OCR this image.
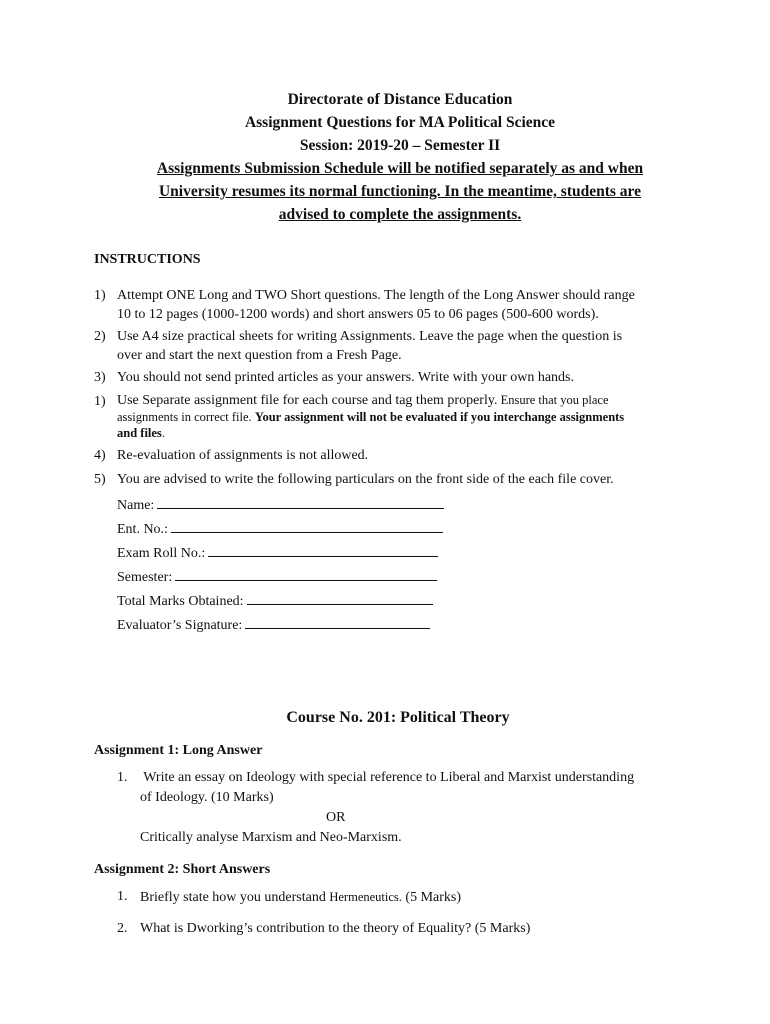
Directorate of Distance Education
Assignment Questions for MA Political Science
Session: 2019-20 – Semester II
Assignments Submission Schedule will be notified separately as and when
University resumes its normal functioning. In the meantime, students are
advised to complete the assignments.
INSTRUCTIONS
1) Attempt ONE Long and TWO Short questions. The length of the Long Answer should range
10 to 12 pages (1000-1200 words) and short answers 05 to 06 pages (500-600 words).
2) Use A4 size practical sheets for writing Assignments. Leave the page when the question is
over and start the next question from a Fresh Page.
3) You should not send printed articles as your answers. Write with your own hands.
1) Use Separate assignment file for each course and tag them properly. Ensure that you place
assignments in correct file. Your assignment will not be evaluated if you interchange assignments
and files.
4) Re-evaluation of assignments is not allowed.
5) You are advised to write the following particulars on the front side of the each file cover.
Name:
Ent. No.:
Exam Roll No.:
Semester:
Total Marks Obtained:
Evaluator’s Signature:
Course No. 201: Political Theory
Assignment 1: Long Answer
1. Write an essay on Ideology with special reference to Liberal and Marxist understanding
of Ideology. (10 Marks)
OR
Critically analyse Marxism and Neo-Marxism.
Assignment 2: Short Answers
1. Briefly state how you understand Hermeneutics. (5 Marks)
2. What is Dworking’s contribution to the theory of Equality? (5 Marks)
